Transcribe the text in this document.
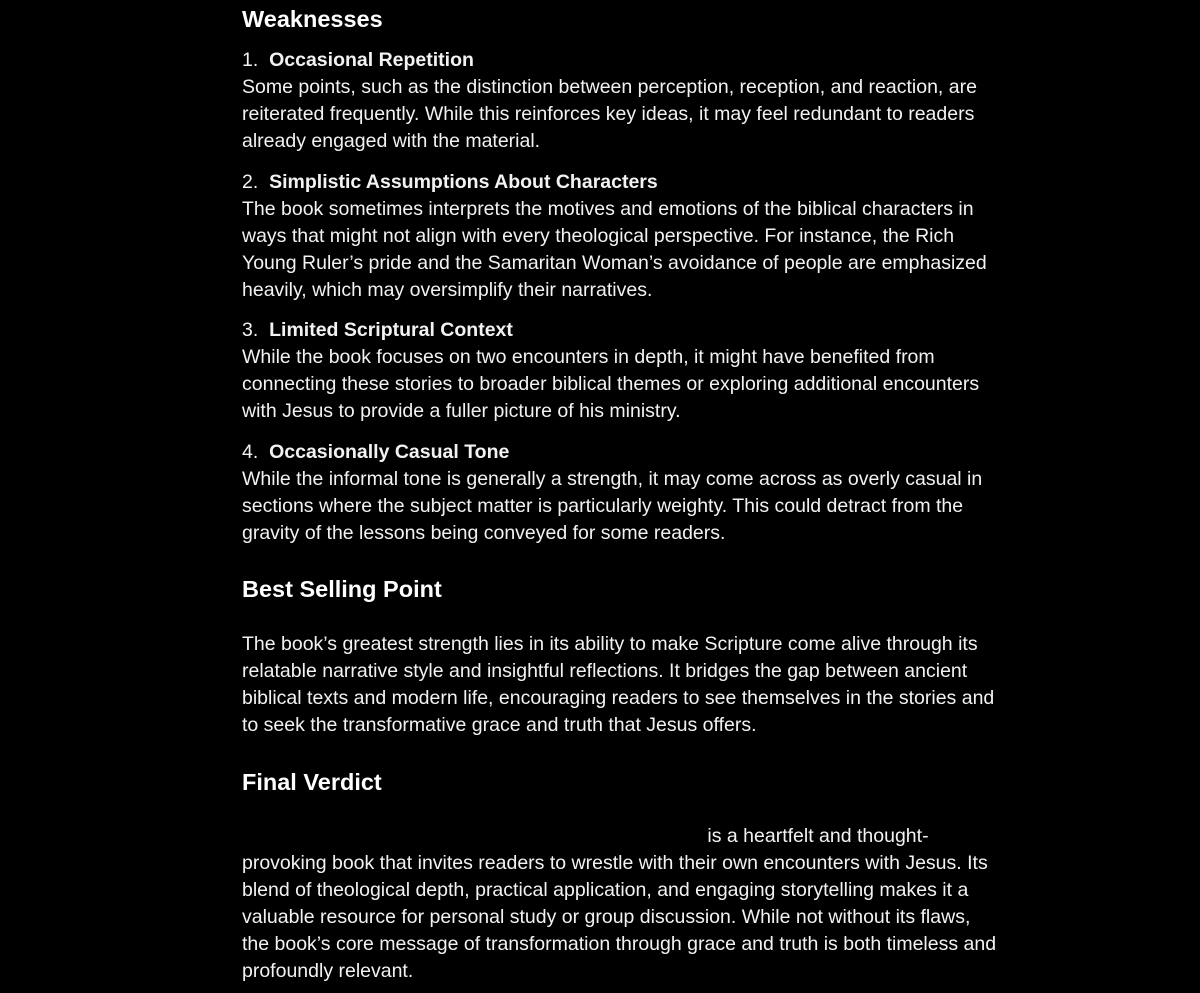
Weaknesses
1. Occasional Repetition

Some points, such as the distinction between perception, reception, and reaction, are reiterated frequently. While this reinforces key ideas, it may feel redundant to readers already engaged with the material.

2. Simplistic Assumptions About Characters

The book sometimes interprets the motives and emotions of the biblical characters in ways that might not align with every theological perspective. For instance, the Rich Young Ruler’s pride and the Samaritan Woman’s avoidance of people are emphasized heavily, which may oversimplify their narratives.

3. Limited Scriptural Context

While the book focuses on two encounters in depth, it might have benefited from connecting these stories to broader biblical themes or exploring additional encounters with Jesus to provide a fuller picture of his ministry.

4. Occasionally Casual Tone

While the informal tone is generally a strength, it may come across as overly casual in sections where the subject matter is particularly weighty. This could detract from the gravity of the lessons being conveyed for some readers.

Best Selling Point

The book’s greatest strength lies in its ability to make Scripture come alive through its relatable narrative style and insightful reflections. It bridges the gap between ancient biblical texts and modern life, encouraging readers to see themselves in the stories and to seek the transformative grace and truth that Jesus offers.

Final Verdict

is a heartfelt and thought-provoking book that invites readers to wrestle with their own encounters with Jesus. Its blend of theological depth, practical application, and engaging storytelling makes it a valuable resource for personal study or group discussion. While not without its flaws, the book’s core message of transformation through grace and truth is both timeless and profoundly relevant.
